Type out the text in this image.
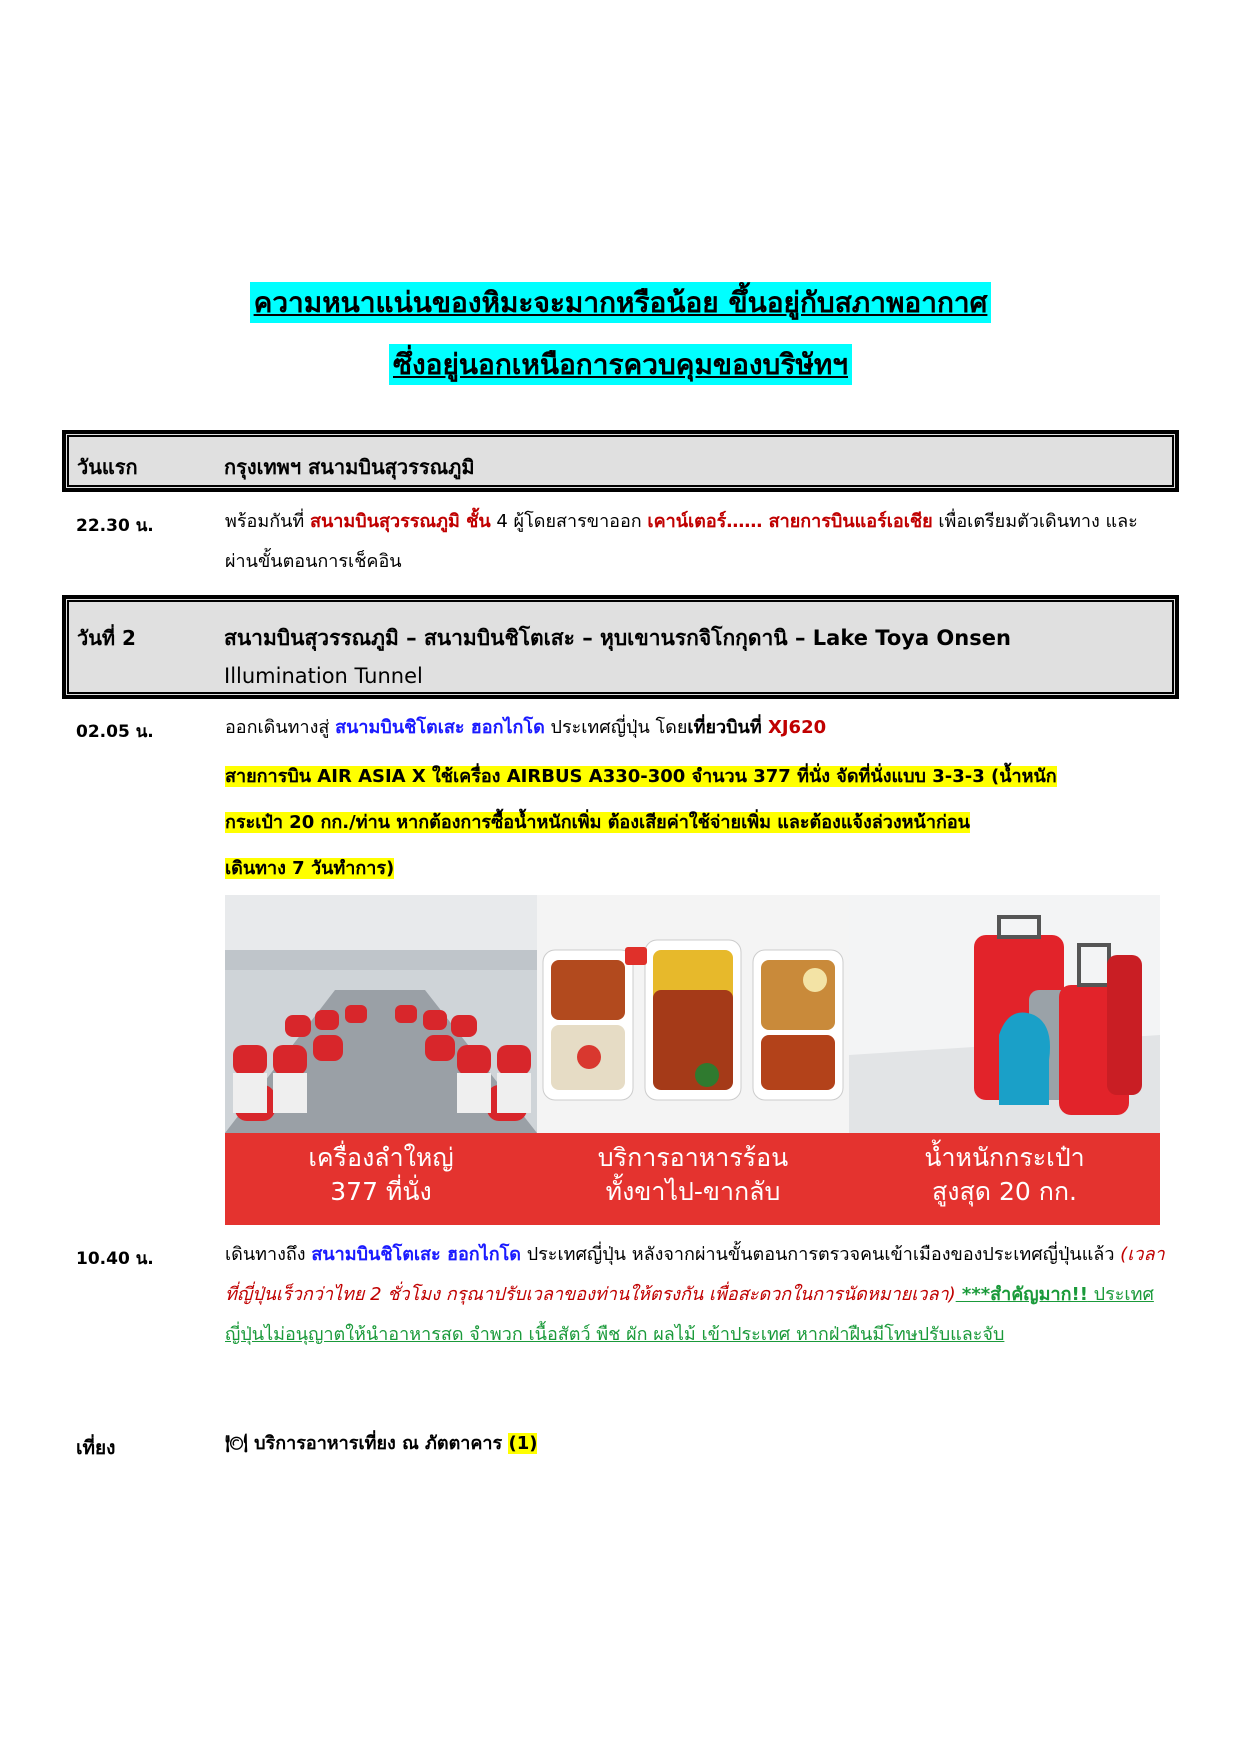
ความหนาแน่นของหิมะจะมากหรือน้อย ขึ้นอยู่กับสภาพอากาศ
ซึ่งอยู่นอกเหนือการควบคุมของบริษัทฯ
วันแรก	กรุงเทพฯ สนามบินสุวรรณภูมิ
22.30 น.	พร้อมกันที่ สนามบินสุวรรณภูมิ ชั้น 4 ผู้โดยสารขาออก เคาน์เตอร์…… สายการบินแอร์เอเชีย เพื่อเตรียมตัวเดินทาง และผ่านขั้นตอนการเช็คอิน
วันที่ 2	สนามบินสุวรรณภูมิ – สนามบินชิโตเสะ – หุบเขานรกจิโกกุดานิ – Lake Toya Onsen
Illumination Tunnel
02.05 น.	ออกเดินทางสู่ สนามบินชิโตเสะ ฮอกไกโด ประเทศญี่ปุ่น โดยเที่ยวบินที่ XJ620
สายการบิน AIR ASIA X ใช้เครื่อง AIRBUS A330-300 จำนวน 377 ที่นั่ง จัดที่นั่งแบบ 3-3-3 (น้ำหนัก
กระเป๋า 20 กก./ท่าน หากต้องการซื้อน้ำหนักเพิ่ม ต้องเสียค่าใช้จ่ายเพิ่ม และต้องแจ้งล่วงหน้าก่อน
เดินทาง 7 วันทำการ)
เครื่องลำใหญ่
377 ที่นั่ง
บริการอาหารร้อน
ทั้งขาไป-ขากลับ
น้ำหนักกระเป๋า
สูงสุด 20 กก.
10.40 น.	เดินทางถึง สนามบินชิโตเสะ ฮอกไกโด ประเทศญี่ปุ่น หลังจากผ่านขั้นตอนการตรวจคนเข้าเมืองของประเทศญี่ปุ่นแล้ว (เวลาที่ญี่ปุ่นเร็วกว่าไทย 2 ชั่วโมง กรุณาปรับเวลาของท่านให้ตรงกัน เพื่อสะดวกในการนัดหมายเวลา) ***สำคัญมาก!! ประเทศญี่ปุ่นไม่อนุญาตให้นำอาหารสด จำพวก เนื้อสัตว์ พืช ผัก ผลไม้ เข้าประเทศ หากฝ่าฝืนมีโทษปรับและจับ
เที่ยง	🍽 บริการอาหารเที่ยง ณ ภัตตาคาร (1)
